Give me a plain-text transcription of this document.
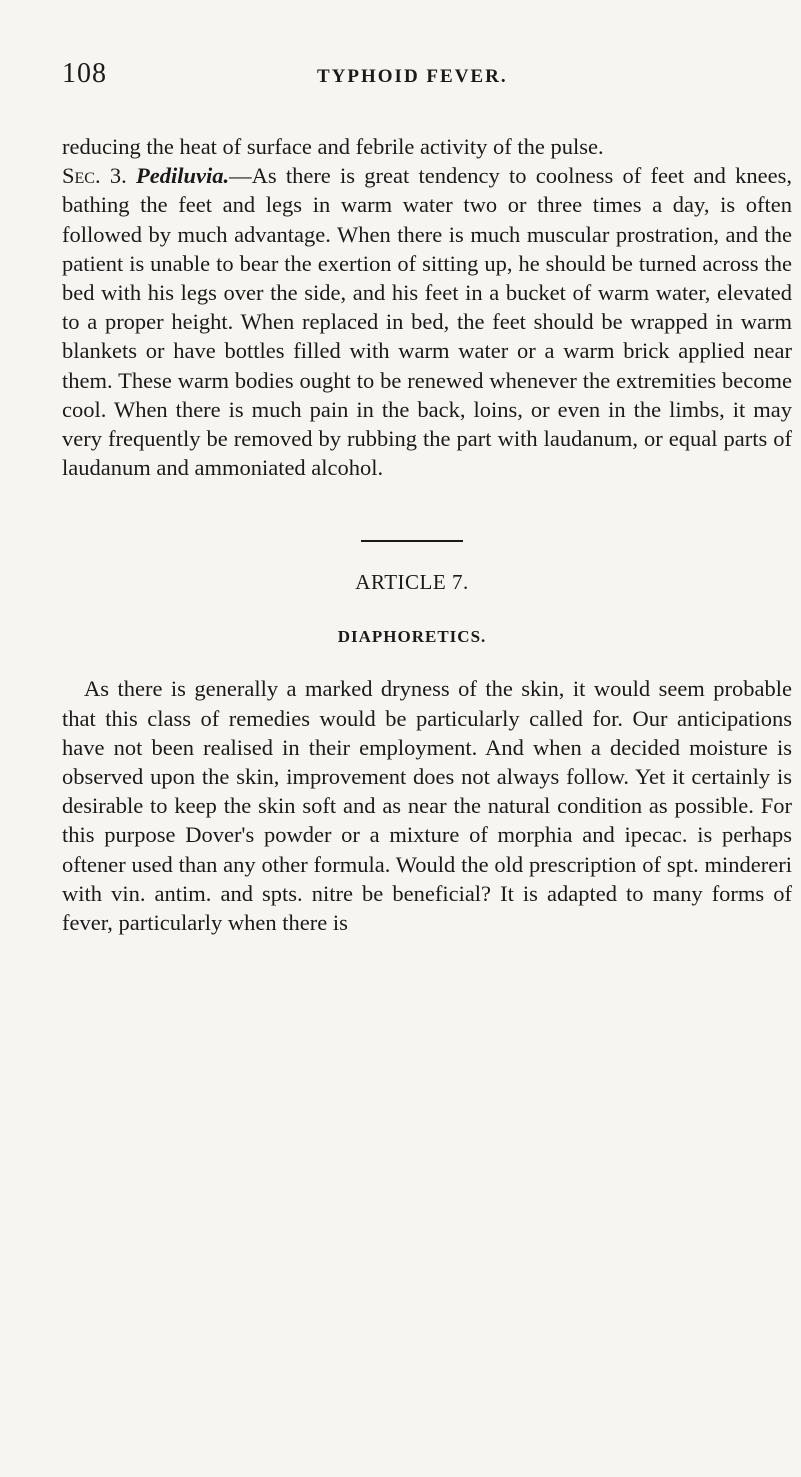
108	TYPHOID FEVER.

reducing the heat of surface and febrile activity of the pulse.

Sec. 3. Pediluvia.—As there is great tendency to coolness of feet and knees, bathing the feet and legs in warm water two or three times a day, is often followed by much advantage. When there is much muscular prostration, and the patient is unable to bear the exertion of sitting up, he should be turned across the bed with his legs over the side, and his feet in a bucket of warm water, elevated to a proper height. When replaced in bed, the feet should be wrapped in warm blankets or have bottles filled with warm water or a warm brick applied near them. These warm bodies ought to be renewed whenever the extremities become cool. When there is much pain in the back, loins, or even in the limbs, it may very frequently be removed by rubbing the part with laudanum, or equal parts of laudanum and ammoniated alcohol.

ARTICLE 7.
DIAPHORETICS.

As there is generally a marked dryness of the skin, it would seem probable that this class of remedies would be particularly called for. Our anticipations have not been realised in their employment. And when a decided moisture is observed upon the skin, improvement does not always follow. Yet it certainly is desirable to keep the skin soft and as near the natural condition as possible. For this purpose Dover's powder or a mixture of morphia and ipecac. is perhaps oftener used than any other formula. Would the old prescription of spt. mindereri with vin. antim. and spts. nitre be beneficial? It is adapted to many forms of fever, particularly when there is
